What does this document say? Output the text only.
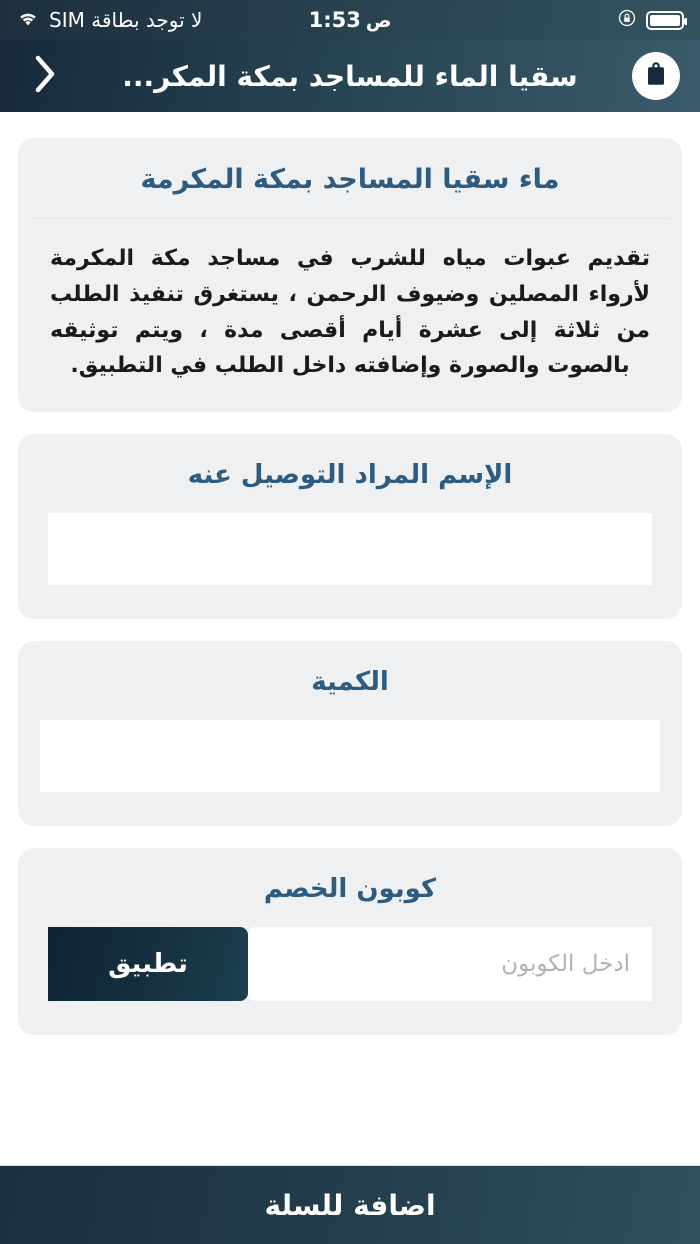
1:53 ص
لا توجد بطاقة SIM
سقيا الماء للمساجد بمكة المكر...
ماء سقيا المساجد بمكة المكرمة
تقديم عبوات مياه للشرب في مساجد مكة المكرمة لأرواء المصلين وضيوف الرحمن ، يستغرق تنفيذ الطلب من ثلاثة إلى عشرة أيام أقصى مدة ، ويتم توثيقه بالصوت والصورة وإضافته داخل الطلب في التطبيق.
الإسم المراد التوصيل عنه
الكمية
كوبون الخصم
ادخل الكوبون
تطبيق
اضافة للسلة
